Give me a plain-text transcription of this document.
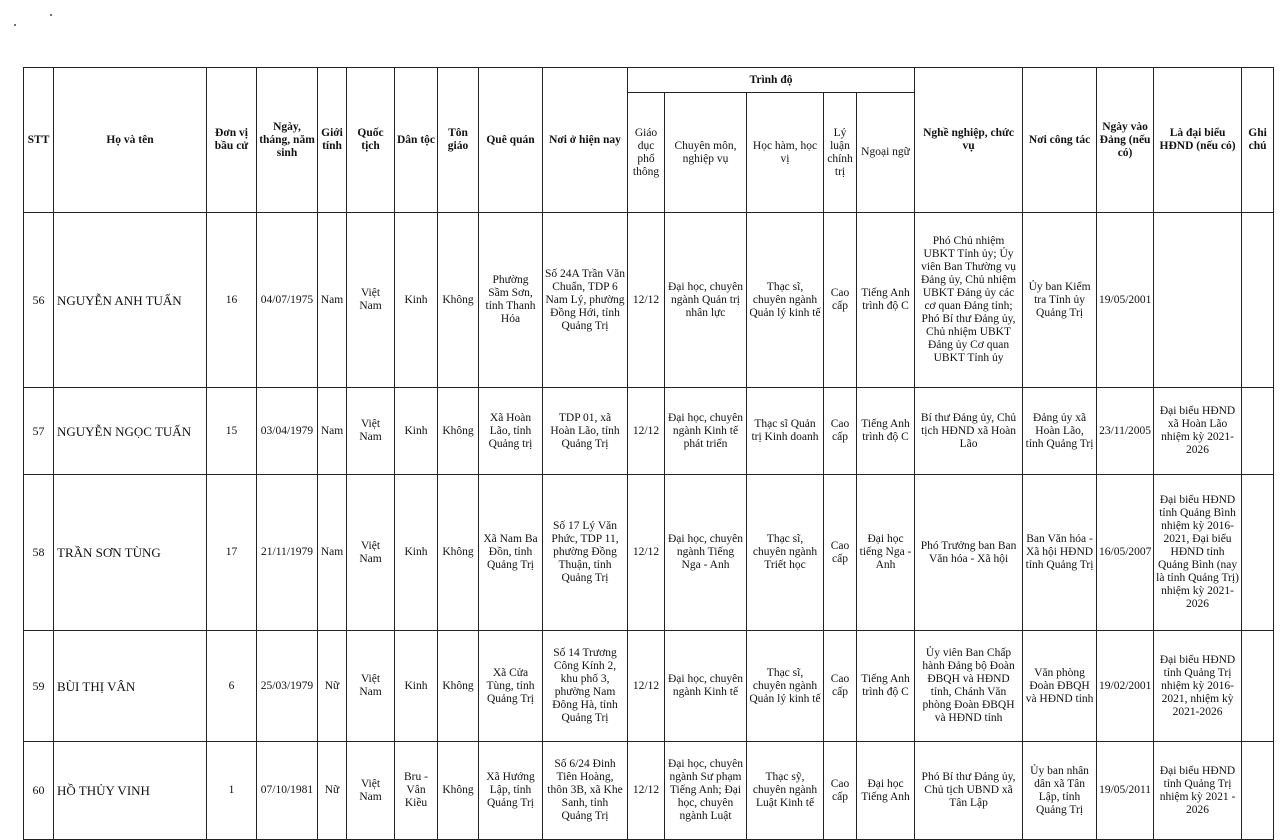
STT	Họ và tên	Đơn vị bầu cử	Ngày, tháng, năm sinh	Giới tính	Quốc tịch	Dân tộc	Tôn giáo	Quê quán	Nơi ở hiện nay	Trình độ					Nghề nghiệp, chức vụ	Nơi công tác	Ngày vào Đảng (nếu có)	Là đại biểu HĐND (nếu có)	Ghi chú
										Giáo dục phổ thông	Chuyên môn, nghiệp vụ	Học hàm, học vị	Lý luận chính trị	Ngoại ngữ					
56	NGUYỄN ANH TUẤN	16	04/07/1975	Nam	Việt Nam	Kinh	Không	Phường Sầm Sơn, tỉnh Thanh Hóa	Số 24A Trần Văn Chuẩn, TDP 6 Nam Lý, phường Đồng Hới, tỉnh Quảng Trị	12/12	Đại học, chuyên ngành Quản trị nhân lực	Thạc sĩ, chuyên ngành Quản lý kinh tế	Cao cấp	Tiếng Anh trình độ C	Phó Chủ nhiệm UBKT Tỉnh ủy; Ủy viên Ban Thường vụ Đảng ủy, Chủ nhiệm UBKT Đảng ủy các cơ quan Đảng tỉnh; Phó Bí thư Đảng ủy, Chủ nhiệm UBKT Đảng ủy Cơ quan UBKT Tỉnh ủy	Ủy ban Kiểm tra Tỉnh ủy Quảng Trị	19/05/2001		
57	NGUYỄN NGỌC TUẤN	15	03/04/1979	Nam	Việt Nam	Kinh	Không	Xã Hoàn Lão, tỉnh Quảng trị	TDP 01, xã Hoàn Lão, tỉnh Quảng Trị	12/12	Đại học, chuyên ngành Kinh tế phát triển	Thạc sĩ Quản trị Kinh doanh	Cao cấp	Tiếng Anh trình độ C	Bí thư Đảng ủy, Chủ tịch HĐND xã Hoàn Lão	Đảng ủy xã Hoàn Lão, tỉnh Quảng Trị	23/11/2005	Đại biểu HĐND xã Hoàn Lão nhiệm kỳ 2021-2026	
58	TRẦN SƠN TÙNG	17	21/11/1979	Nam	Việt Nam	Kinh	Không	Xã Nam Ba Đồn, tỉnh Quảng Trị	Số 17 Lý Văn Phức, TDP 11, phường Đồng Thuận, tỉnh Quảng Trị	12/12	Đại học, chuyên ngành Tiếng Nga - Anh	Thạc sĩ, chuyên ngành Triết học	Cao cấp	Đại học tiếng Nga - Anh	Phó Trưởng ban Ban Văn hóa - Xã hội	Ban Văn hóa - Xã hội HĐND tỉnh Quảng Trị	16/05/2007	Đại biểu HĐND tỉnh Quảng Bình nhiệm kỳ 2016-2021, Đại biểu HĐND tỉnh Quảng Bình (nay là tỉnh Quảng Trị) nhiệm kỳ 2021-2026	
59	BÙI THỊ VÂN	6	25/03/1979	Nữ	Việt Nam	Kinh	Không	Xã Cửa Tùng, tỉnh Quảng Trị	Số 14 Trương Công Kính 2, khu phố 3, phường Nam Đông Hà, tỉnh Quảng Trị	12/12	Đại học, chuyên ngành Kinh tế	Thạc sĩ, chuyên ngành Quản lý kinh tế	Cao cấp	Tiếng Anh trình độ C	Ủy viên Ban Chấp hành Đảng bộ Đoàn ĐBQH và HĐND tỉnh, Chánh Văn phòng Đoàn ĐBQH và HĐND tỉnh	Văn phòng Đoàn ĐBQH và HĐND tỉnh	19/02/2001	Đại biểu HĐND tỉnh Quảng Trị nhiệm kỳ 2016-2021, nhiệm kỳ 2021-2026	
60	HỒ THỦY VINH	1	07/10/1981	Nữ	Việt Nam	Bru - Vân Kiều	Không	Xã Hướng Lập, tỉnh Quảng Trị	Số 6/24 Đinh Tiên Hoàng, thôn 3B, xã Khe Sanh, tỉnh Quảng Trị	12/12	Đại học, chuyên ngành Sư phạm Tiếng Anh; Đại học, chuyên ngành Luật	Thạc sỹ, chuyên ngành Luật Kinh tế	Cao cấp	Đại học Tiếng Anh	Phó Bí thư Đảng ủy, Chủ tịch UBND xã Tân Lập	Ủy ban nhân dân xã Tân Lập, tỉnh Quảng Trị	19/05/2011	Đại biểu HĐND tỉnh Quảng Trị nhiệm kỳ 2021 - 2026	
